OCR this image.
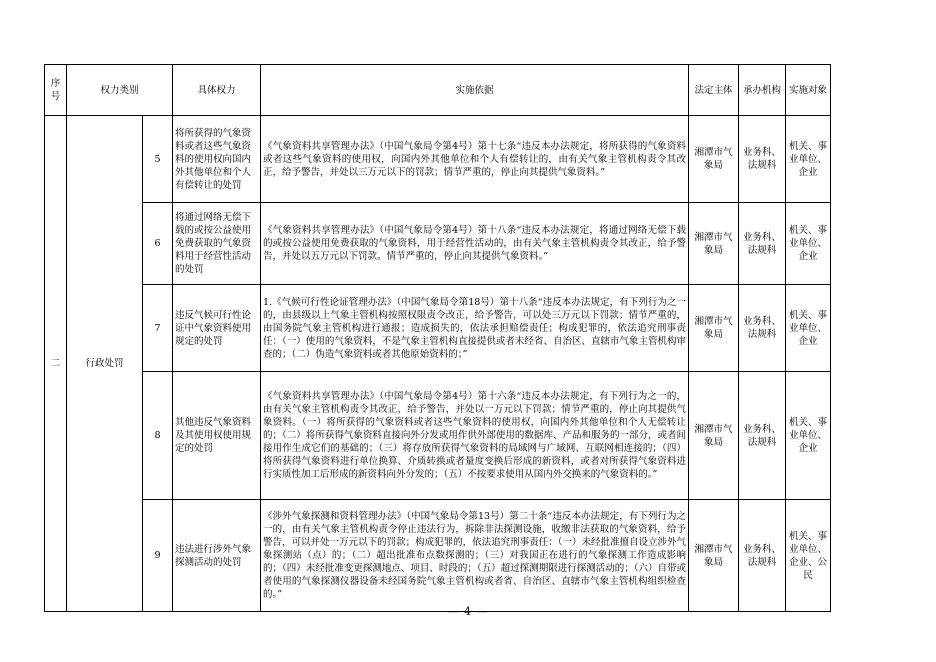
序号	权力类别		具体权力	实施依据	法定主体	承办机构	实施对象
二	行政处罚	5	将所获得的气象资料或者这些气象资料的使用权向国内外其他单位和个人有偿转让的处罚	《气象资料共享管理办法》（中国气象局令第4号）第十七条“违反本办法规定，将所获得的气象资料或者这些气象资料的使用权，向国内外其他单位和个人有偿转让的，由有关气象主管机构责令其改正，给予警告，并处以三万元以下的罚款；情节严重的，停止向其提供气象资料。”	湘潭市气象局	业务科、法规科	机关、事业单位、企业
		6	将通过网络无偿下载的或按公益使用免费获取的气象资料用于经营性活动的处罚	《气象资料共享管理办法》（中国气象局令第4号）第十八条“违反本办法规定，将通过网络无偿下载的或按公益使用免费获取的气象资料，用于经营性活动的，由有关气象主管机构责令其改正，给予警告，并处以五万元以下罚款。情节严重的，停止向其提供气象资料。”	湘潭市气象局	业务科、法规科	机关、事业单位、企业
		7	违反气候可行性论证中气象资料使用规定的处罚	1.《气候可行性论证管理办法》（中国气象局令第18号）第十八条“违反本办法规定，有下列行为之一的，由县级以上气象主管机构按照权限责令改正，给予警告，可以处三万元以下罚款；情节严重的，由国务院气象主管机构进行通报；造成损失的，依法承担赔偿责任；构成犯罪的，依法追究刑事责任：（一）使用的气象资料，不是气象主管机构直接提供或者未经省、自治区、直辖市气象主管机构审查的；（二）伪造气象资料或者其他原始资料的；”	湘潭市气象局	业务科、法规科	机关、事业单位、企业
		8	其他违反气象资料及其使用权使用规定的处罚	《气象资料共享管理办法》（中国气象局令第4号）第十六条“违反本办法规定，有下列行为之一的，由有关气象主管机构责令其改正，给予警告，并处以一万元以下罚款；情节严重的，停止向其提供气象资料。（一）将所获得的气象资料或者这些气象资料的使用权，向国内外其他单位和个人无偿转让的；（二）将所获得气象资料直接向外分发或用作供外部使用的数据库、产品和服务的一部分，或者间接用作生成它们的基础的；（三）将存放所获得气象资料的局域网与广域网、互联网相连接的；（四）将所获得气象资料进行单位换算、介质转换或者量度变换后形成的新资料，或者对所获得气象资料进行实质性加工后形成的新资料向外分发的；（五）不按要求使用从国内外交换来的气象资料的。”	湘潭市气象局	业务科、法规科	机关、事业单位、企业
		9	违法进行涉外气象探测活动的处罚	《涉外气象探测和资料管理办法》（中国气象局令第13号）第二十条“违反本办法规定，有下列行为之一的，由有关气象主管机构责令停止违法行为，拆除非法探测设施，收缴非法获取的气象资料，给予警告，可以并处一万元以下的罚款；构成犯罪的，依法追究刑事责任：（一）未经批准擅自设立涉外气象探测站（点）的；（二）超出批准布点数探测的；（三）对我国正在进行的气象探测工作造成影响的；（四）未经批准变更探测地点、项目、时段的；（五）超过探测期限进行探测活动的；（六）自带或者使用的气象探测仪器设备未经国务院气象主管机构或者省、自治区、直辖市气象主管机构组织检查的。”	湘潭市气象局	业务科、法规科	机关、事业单位、企业、公民
— 4 —
